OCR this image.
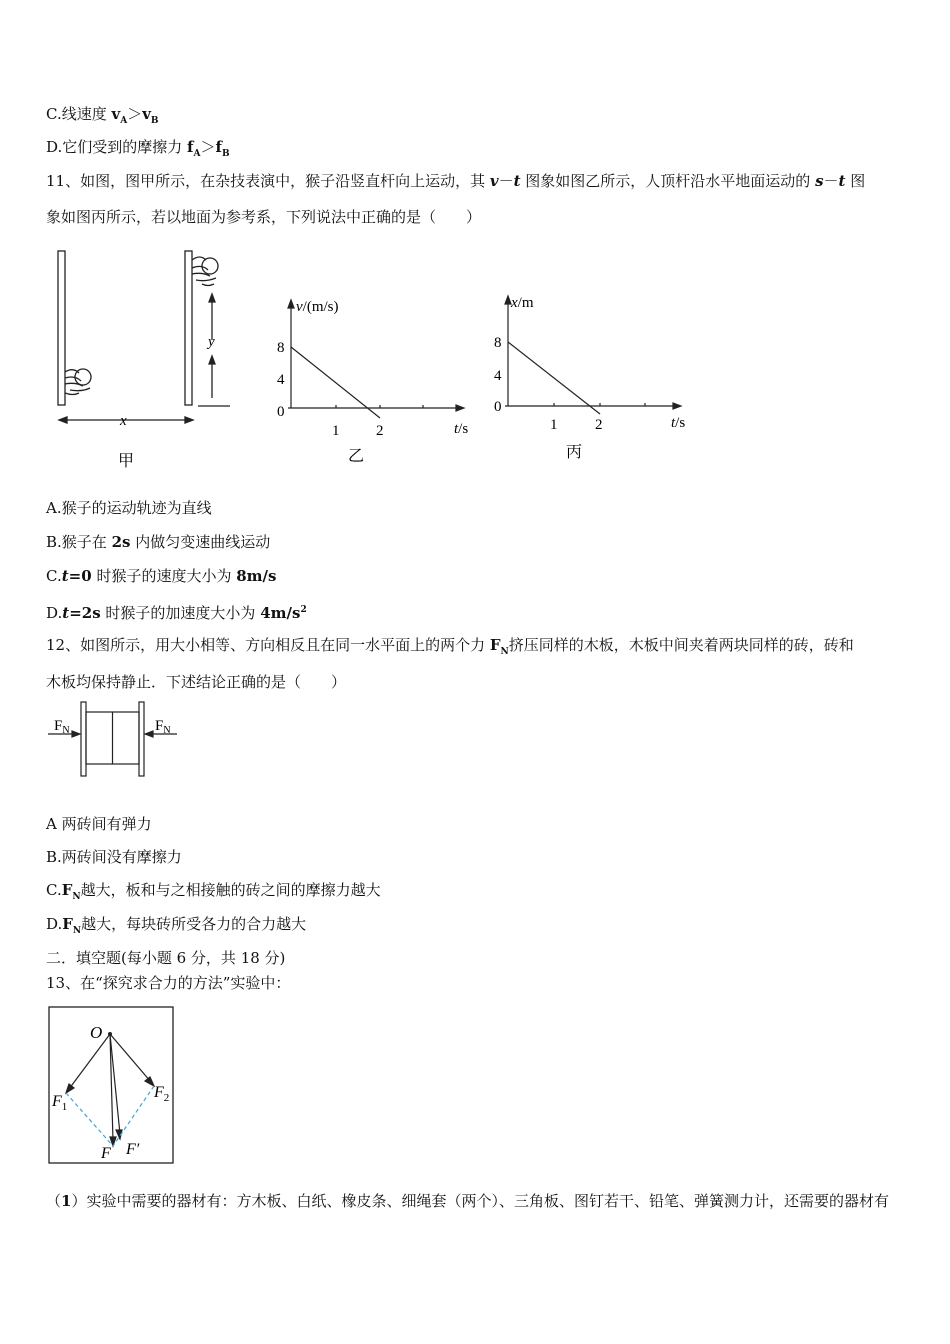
C.线速度 $v_A>v_B$
D.它们受到的摩擦力 $f_A>f_B$
11、如图，图甲所示，在杂技表演中，猴子沿竖直杆向上运动，其 v－t 图象如图乙所示，人顶杆沿水平地面运动的 s－t 图
象如图丙所示，若以地面为参考系，下列说法中正确的是（　　）
y
x
甲
v/(m/s)
8
4
0
1 2	t/s
乙
x/m
8
4
0
1	2	t/s
丙
A.猴子的运动轨迹为直线
B.猴子在 2s 内做匀变速曲线运动
C.t=0 时猴子的速度大小为 8m/s
D.t=2s 时猴子的加速度大小为 $4m/s^2$
12、如图所示，用大小相等、方向相反且在同一水平面上的两个力 $F_N$挤压同样的木板，木板中间夹着两块同样的砖，砖和
木板均保持静止．下述结论正确的是（　　）
$F_N$	$F_N$
A 两砖间有弹力
B.两砖间没有摩擦力
$C.F_N$越大，板和与之相接触的砖之间的摩擦力越大
$D.F_N$越大，每块砖所受各力的合力越大
二．填空题(每小题 6 分，共 18 分)
13、在“探究求合力的方法”实验中：
O
$F_1$
$F_2$
F F′
（1）实验中需要的器材有：方木板、白纸、橡皮条、细绳套（两个）、三角板、图钉若干、铅笔、弹簧测力计，还需要的器材有
